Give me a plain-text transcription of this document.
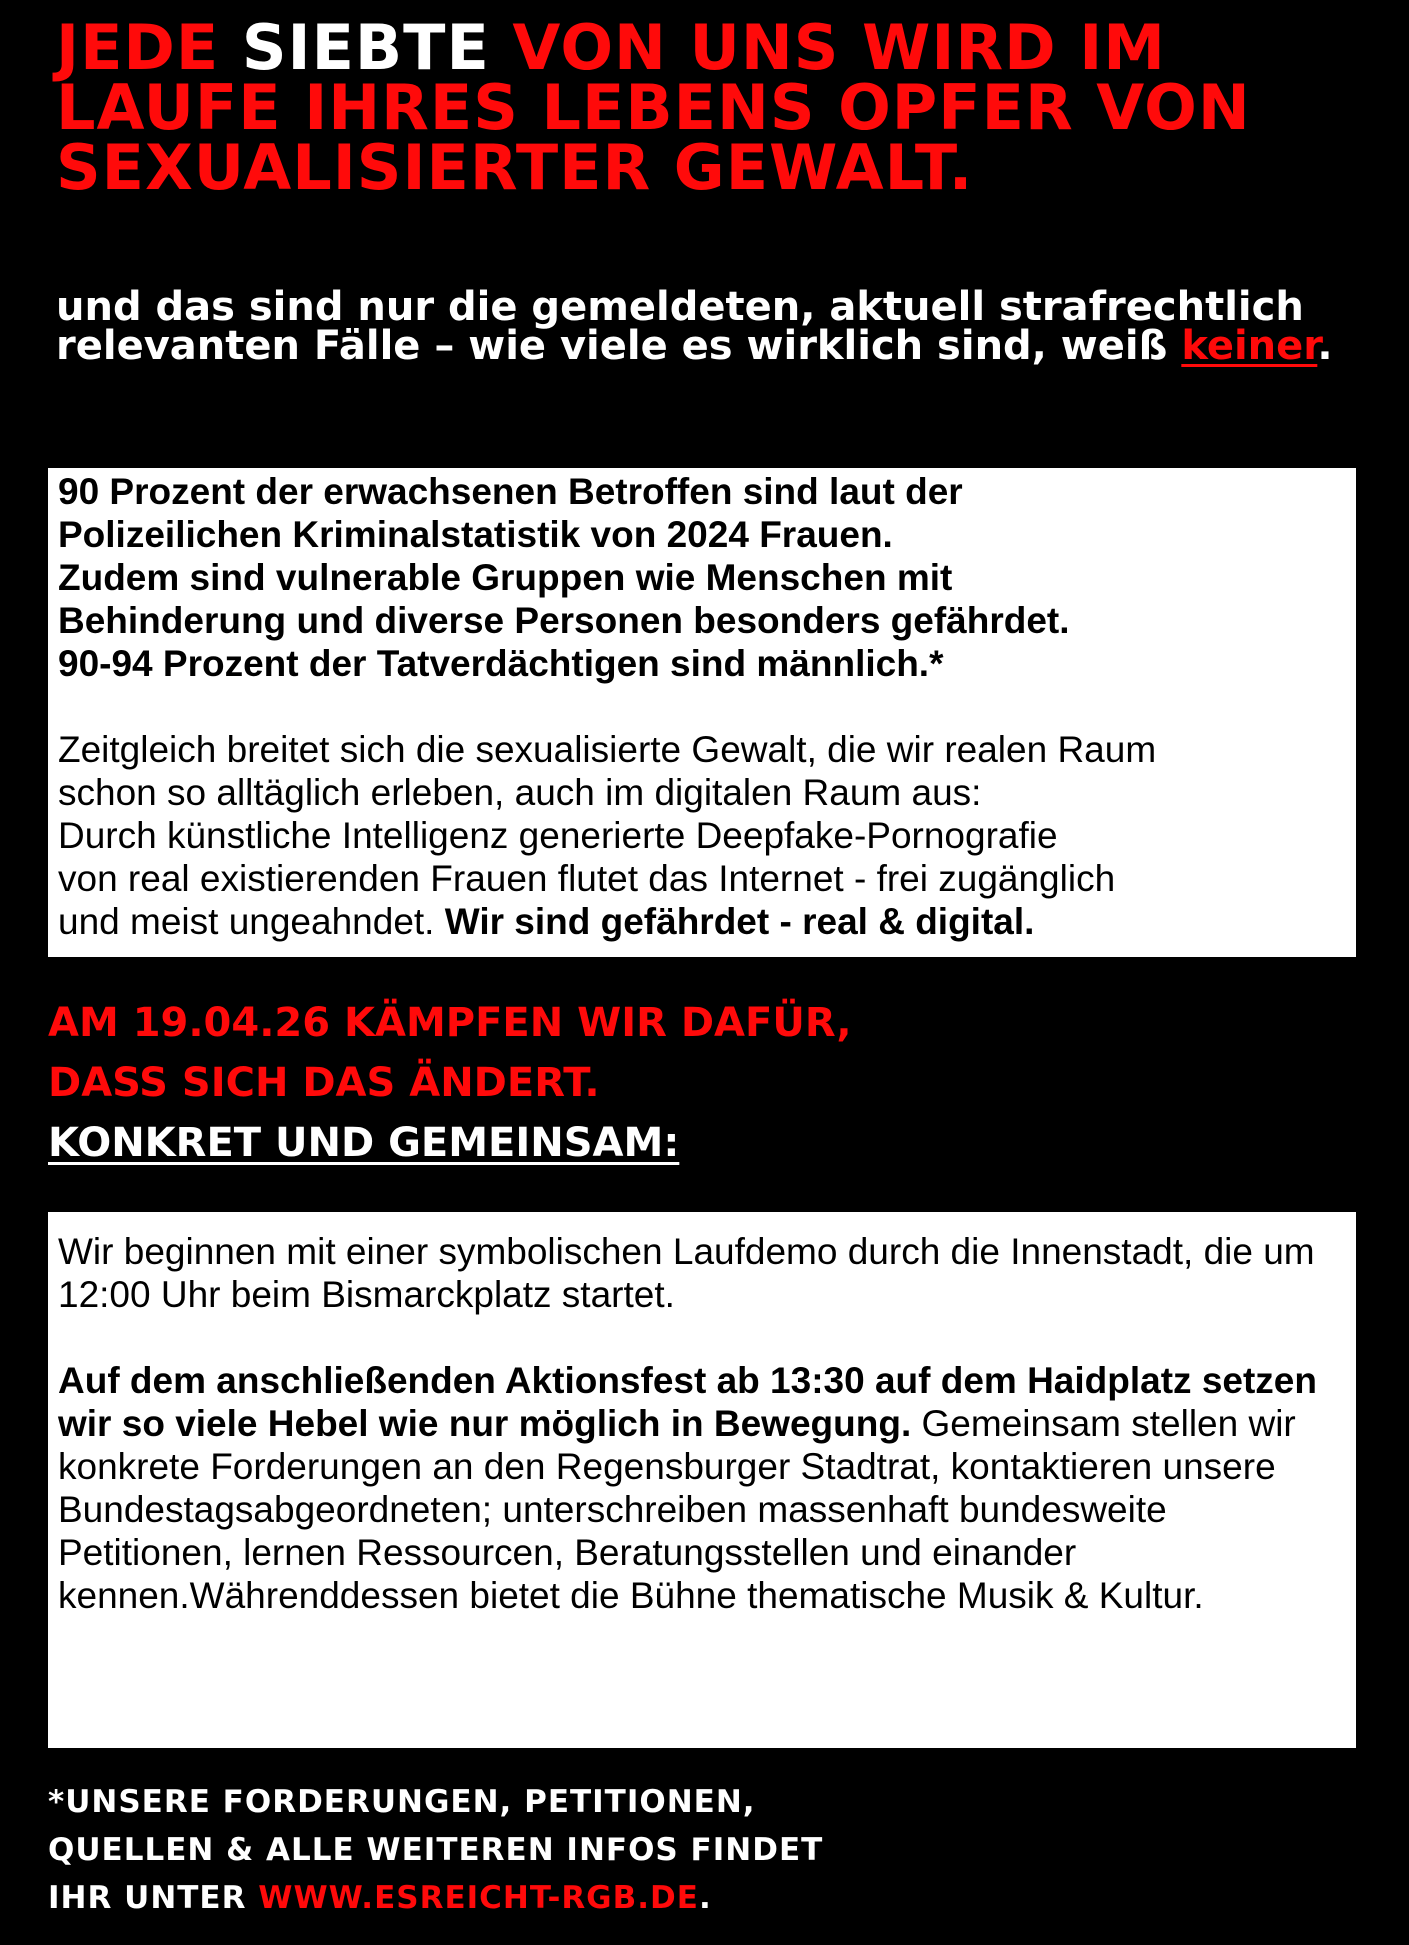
JEDE SIEBTE VON UNS WIRD IM LAUFE IHRES LEBENS OPFER VON SEXUALISIERTER GEWALT.
und das sind nur die gemeldeten, aktuell strafrechtlich relevanten Fälle – wie viele es wirklich sind, weiß keiner.

90 Prozent der erwachsenen Betroffen sind laut der
Polizeilichen Kriminalstatistik von 2024 Frauen.
Zudem sind vulnerable Gruppen wie Menschen mit
Behinderung und diverse Personen besonders gefährdet.
90-94 Prozent der Tatverdächtigen sind männlich.*

Zeitgleich breitet sich die sexualisierte Gewalt, die wir realen Raum
schon so alltäglich erleben, auch im digitalen Raum aus:
Durch künstliche Intelligenz generierte Deepfake-Pornografie
von real existierenden Frauen flutet das Internet - frei zugänglich
und meist ungeahndet. Wir sind gefährdet - real & digital.

AM 19.04.26 KÄMPFEN WIR DAFÜR,
DASS SICH DAS ÄNDERT.
KONKRET UND GEMEINSAM:

Wir beginnen mit einer symbolischen Laufdemo durch die Innenstadt, die um 12:00 Uhr beim Bismarckplatz startet.

Auf dem anschließenden Aktionsfest ab 13:30 auf dem Haidplatz setzen wir so viele Hebel wie nur möglich in Bewegung. Gemeinsam stellen wir konkrete Forderungen an den Regensburger Stadtrat, kontaktieren unsere Bundestagsabgeordneten; unterschreiben massenhaft bundesweite Petitionen, lernen Ressourcen, Beratungsstellen und einander kennen.Währenddessen bietet die Bühne thematische Musik & Kultur.

*UNSERE FORDERUNGEN, PETITIONEN,
QUELLEN & ALLE WEITEREN INFOS FINDET
IHR UNTER WWW.ESREICHT-RGB.DE.
